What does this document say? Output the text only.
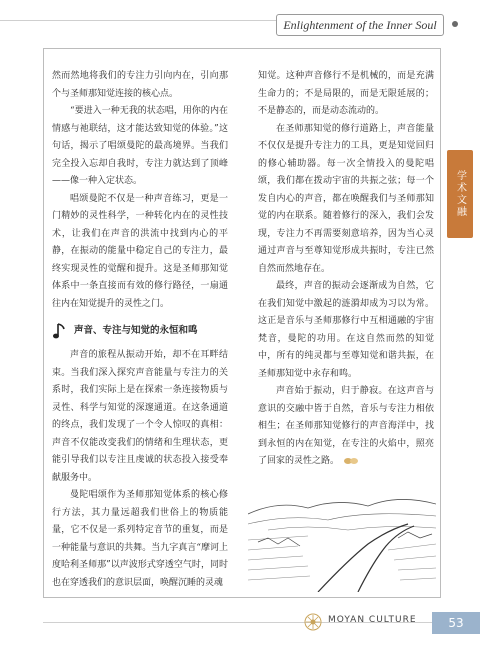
Enlightenment of the Inner Soul
学术文融

然而然地将我们的专注力引向内在，引向那个与圣师那知觉连接的核心点。

“要进入一种无我的状态唱，用你的内在情感与祂联结，这才能达致知觉的体验。”这句话，揭示了唱颂曼陀的最高境界。当我们完全投入忘却自我时，专注力就达到了顶峰——像一种入定状态。

唱颂曼陀不仅是一种声音练习，更是一门精妙的灵性科学，一种转化内在的灵性技术，让我们在声音的洪流中找到内心的平静，在振动的能量中稳定自己的专注力，最终实现灵性的觉醒和提升。这是圣师那知觉体系中一条直接而有效的修行路径，一扇通往内在知觉提升的灵性之门。

声音、专注与知觉的永恒和鸣

声音的旅程从振动开始，却不在耳畔结束。当我们深入探究声音能量与专注力的关系时，我们实际上是在探索一条连接物质与灵性、科学与知觉的深邃通道。在这条通道的终点，我们发现了一个令人惊叹的真相：声音不仅能改变我们的情绪和生理状态，更能引导我们以专注且虔诚的状态投入接受奉献服务中。

曼陀唱颂作为圣师那知觉体系的核心修行方法，其力量远超我们世俗上的物质能量，它不仅是一系列特定音节的重复，而是一种能量与意识的共舞。当九字真言“摩诃上度哈利圣师那”以声波形式穿透空气时，同时也在穿透我们的意识层面，唤醒沉睡的灵魂

知觉。这种声音修行不是机械的，而是充满生命力的；不是局限的，而是无限延展的；不是静态的，而是动态流动的。

在圣师那知觉的修行道路上，声音能量不仅仅是提升专注力的工具，更是知觉回归的修心辅助器。每一次全情投入的曼陀唱颂，我们都在拨动宇宙的共振之弦；每一个发自内心的声音，都在唤醒我们与圣师那知觉的内在联系。随着修行的深入，我们会发现，专注力不再需要刻意培养，因为当心灵通过声音与至尊知觉形成共振时，专注已然自然而然地存在。

最终，声音的振动会逐渐成为自然，它在我们知觉中激起的涟漪却成为习以为常。这正是音乐与圣师那修行中互相通融的宇宙梵音，曼陀的功用。在这自然而然的知觉中，所有的纯灵都与至尊知觉和谐共振，在圣师那知觉中永存和鸣。

声音始于振动，归于静寂。在这声音与意识的交融中皆于自然，音乐与专注力相依相生；在圣师那知觉修行的声音海洋中，找到永恒的内在知觉，在专注的火焰中，照亮了回家的灵性之路。

MOYAN CULTURE	53
